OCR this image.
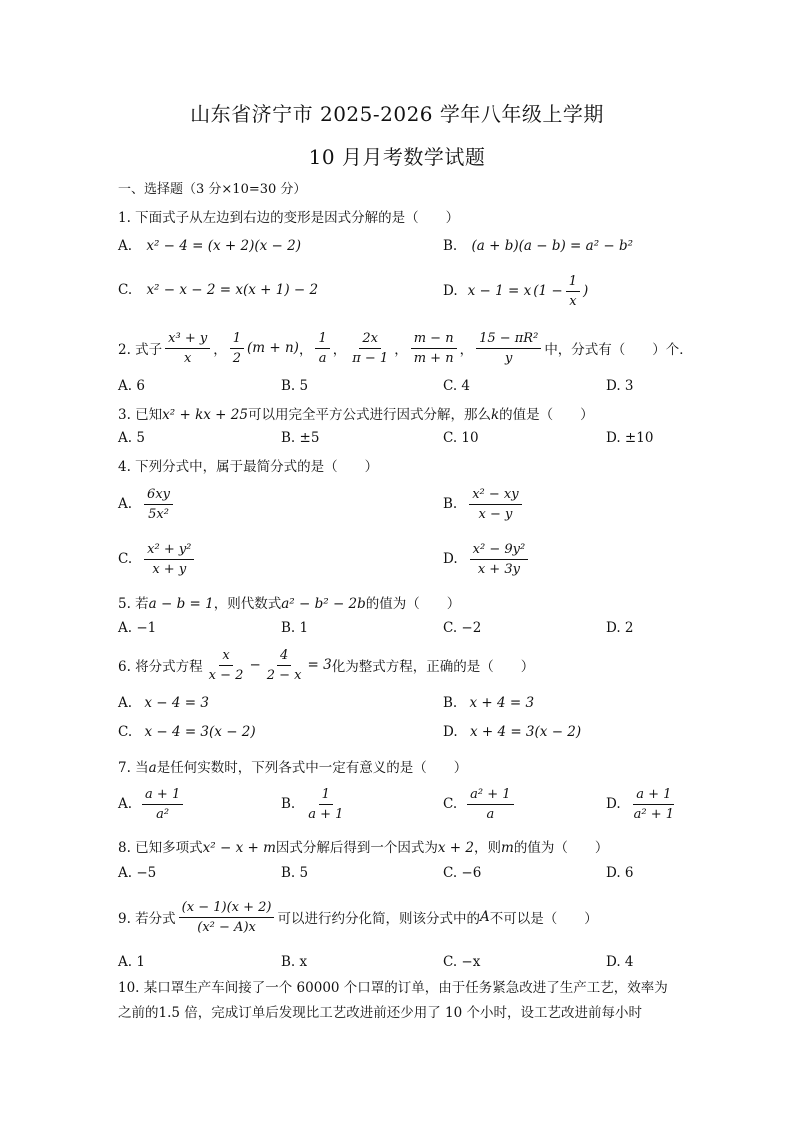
山东省济宁市 2025-2026 学年八年级上学期
10 月月考数学试题
一、选择题（3 分×10=30 分）
1. 下面式子从左边到右边的变形是因式分解的是（　　）
A. x² − 4 = (x + 2)(x − 2)	B. (a + b)(a − b) = a² − b²
C. x² − x − 2 = x(x + 1) − 2	D. x − 1 = x ($1 - \frac{1}{x}$ )
2. 式子 $\frac{\text{x³ + y}}{x}$ ， $\frac{1}{2} (m + n)$ ， $\frac{1}{a}$ ， $\frac{2x}{\pi - 1}$ ， $\frac{m - n}{m + n}$ ， $\frac{\text{15 − πR²}}{y}$ 中，分式有（　　）个．
A. 6	B. 5	C. 4	D. 3
3. 已知x² + kx + 25可以用完全平方公式进行因式分解，那么k的值是（　　）
A. 5	B. ±5	C. 10	D. ±10
4. 下列分式中，属于最简分式的是（　　）
A. $\frac{6xy}{\text{5x²}}$	B. $\frac{\text{x² − xy}}{x - y}$
C. $\frac{\text{x² + y²}}{x + y}$	D. $\frac{\text{x² − 9y²}}{x + 3y}$
5. 若a − b = 1，则代数式a² − b² − 2b的值为（　　）
A. −1	B. 1	C. −2	D. 2
6. 将分式方程 $\frac{x}{x - 2} - \frac{4}{2 - x} = 3$ 化为整式方程，正确的是（　　）
A. x − 4 = 3	B. x + 4 = 3
C. x − 4 = 3(x − 2)	D. x + 4 = 3(x − 2)
7. 当a是任何实数时，下列各式中一定有意义的是（　　）
A. $\frac{a + 1}{\text{a²}}$	B. $\frac{1}{a + 1}$	C. $\frac{\text{a² + 1}}{a}$	D. $\frac{a + 1}{\text{a² + 1}}$
8. 已知多项式x² − x + m因式分解后得到一个因式为x + 2，则m的值为（　　）
A. −5	B. 5	C. −6	D. 6
9. 若分式 $\frac{(x - 1)(x + 2)}{\text{(x² − A)x}}$ 可以进行约分化简，则该分式中的 A 不可以是（　　）
A. 1	B. x	C. −x	D. 4
10. 某口罩生产车间接了一个 60000 个口罩的订单，由于任务紧急改进了生产工艺，效率为之前的1.5 倍，完成订单后发现比工艺改进前还少用了 10 个小时，设工艺改进前每小时
